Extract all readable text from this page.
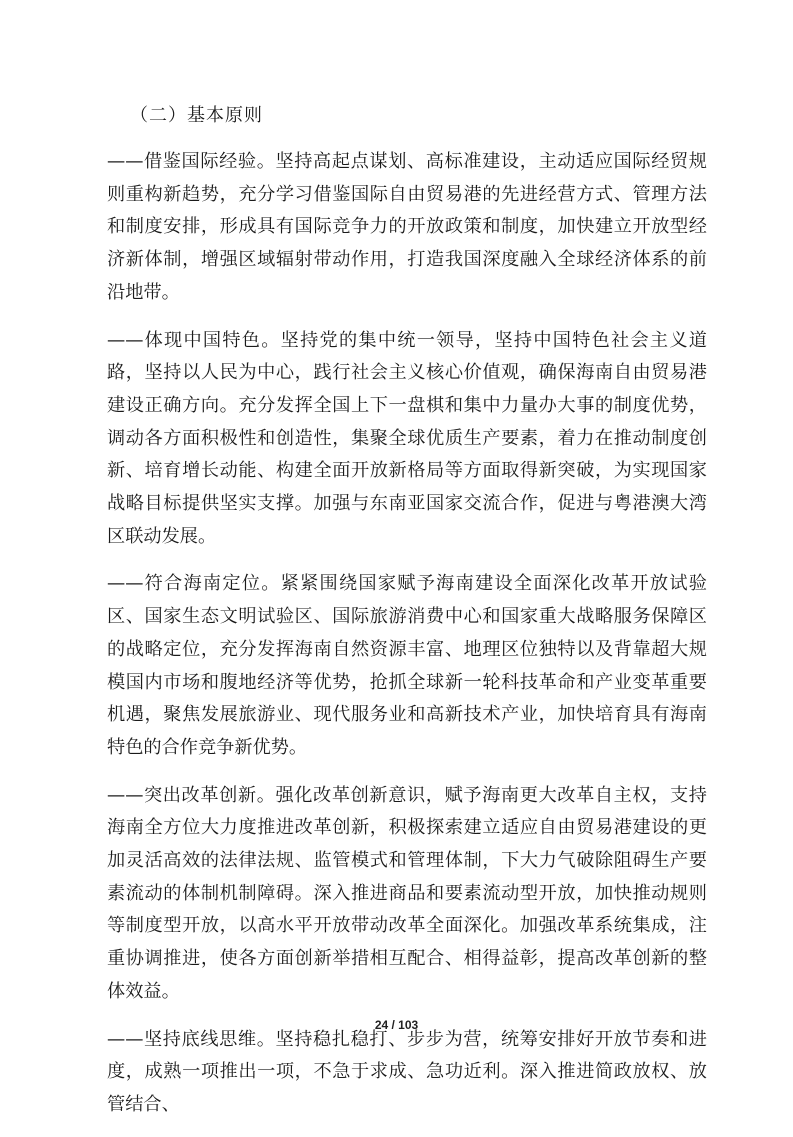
（二）基本原则

——借鉴国际经验。坚持高起点谋划、高标准建设，主动适应国际经贸规则重构新趋势，充分学习借鉴国际自由贸易港的先进经营方式、管理方法和制度安排，形成具有国际竞争力的开放政策和制度，加快建立开放型经济新体制，增强区域辐射带动作用，打造我国深度融入全球经济体系的前沿地带。

——体现中国特色。坚持党的集中统一领导，坚持中国特色社会主义道路，坚持以人民为中心，践行社会主义核心价值观，确保海南自由贸易港建设正确方向。充分发挥全国上下一盘棋和集中力量办大事的制度优势，调动各方面积极性和创造性，集聚全球优质生产要素，着力在推动制度创新、培育增长动能、构建全面开放新格局等方面取得新突破，为实现国家战略目标提供坚实支撑。加强与东南亚国家交流合作，促进与粤港澳大湾区联动发展。

——符合海南定位。紧紧围绕国家赋予海南建设全面深化改革开放试验区、国家生态文明试验区、国际旅游消费中心和国家重大战略服务保障区的战略定位，充分发挥海南自然资源丰富、地理区位独特以及背靠超大规模国内市场和腹地经济等优势，抢抓全球新一轮科技革命和产业变革重要机遇，聚焦发展旅游业、现代服务业和高新技术产业，加快培育具有海南特色的合作竞争新优势。

——突出改革创新。强化改革创新意识，赋予海南更大改革自主权，支持海南全方位大力度推进改革创新，积极探索建立适应自由贸易港建设的更加灵活高效的法律法规、监管模式和管理体制，下大力气破除阻碍生产要素流动的体制机制障碍。深入推进商品和要素流动型开放，加快推动规则等制度型开放，以高水平开放带动改革全面深化。加强改革系统集成，注重协调推进，使各方面创新举措相互配合、相得益彰，提高改革创新的整体效益。

——坚持底线思维。坚持稳扎稳打、步步为营，统筹安排好开放节奏和进度，成熟一项推出一项，不急于求成、急功近利。深入推进简政放权、放管结合、

24 / 103
